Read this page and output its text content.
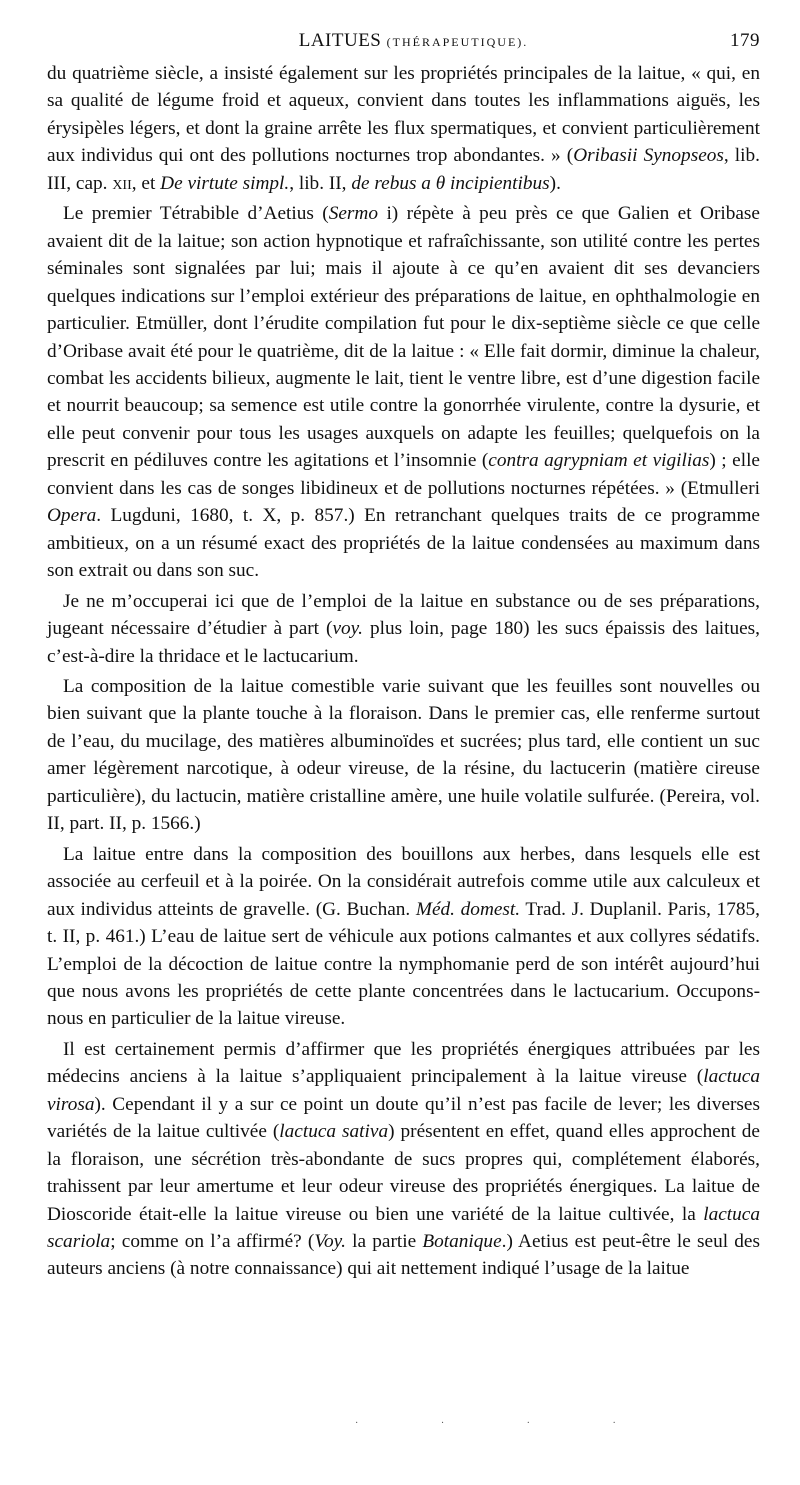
LAITUES (THÉRAPEUTIQUE).	179

du quatrième siècle, a insisté également sur les propriétés principales de la laitue, « qui, en sa qualité de légume froid et aqueux, convient dans toutes les inflammations aiguës, les érysipèles légers, et dont la graine arrête les flux spermatiques, et convient particulièrement aux individus qui ont des pollutions nocturnes trop abondantes. » (Oribasii Synopseos, lib. III, cap. xii, et De virtute simpl., lib. II, de rebus a θ incipientibus).

Le premier Tétrabible d’Aetius (Sermo i) répète à peu près ce que Galien et Oribase avaient dit de la laitue; son action hypnotique et rafraîchissante, son utilité contre les pertes séminales sont signalées par lui; mais il ajoute à ce qu’en avaient dit ses devanciers quelques indications sur l’emploi extérieur des préparations de laitue, en ophthalmologie en particulier. Etmüller, dont l’érudite compilation fut pour le dix-septième siècle ce que celle d’Oribase avait été pour le quatrième, dit de la laitue : « Elle fait dormir, diminue la chaleur, combat les accidents bilieux, augmente le lait, tient le ventre libre, est d’une digestion facile et nourrit beaucoup; sa semence est utile contre la gonorrhée virulente, contre la dysurie, et elle peut convenir pour tous les usages auxquels on adapte les feuilles; quelquefois on la prescrit en pédiluves contre les agitations et l’insomnie (contra agrypniam et vigilias) ; elle convient dans les cas de songes libidineux et de pollutions nocturnes répétées. » (Etmulleri Opera. Lugduni, 1680, t. X, p. 857.) En retranchant quelques traits de ce programme ambitieux, on a un résumé exact des propriétés de la laitue condensées au maximum dans son extrait ou dans son suc.

Je ne m’occuperai ici que de l’emploi de la laitue en substance ou de ses préparations, jugeant nécessaire d’étudier à part (voy. plus loin, page 180) les sucs épaissis des laitues, c’est-à-dire la thridace et le lactucarium.

La composition de la laitue comestible varie suivant que les feuilles sont nouvelles ou bien suivant que la plante touche à la floraison. Dans le premier cas, elle renferme surtout de l’eau, du mucilage, des matières albuminoïdes et sucrées; plus tard, elle contient un suc amer légèrement narcotique, à odeur vireuse, de la résine, du lactucerin (matière cireuse particulière), du lactucin, matière cristalline amère, une huile volatile sulfurée. (Pereira, vol. II, part. II, p. 1566.)

La laitue entre dans la composition des bouillons aux herbes, dans lesquels elle est associée au cerfeuil et à la poirée. On la considérait autrefois comme utile aux calculeux et aux individus atteints de gravelle. (G. Buchan. Méd. domest. Trad. J. Duplanil. Paris, 1785, t. II, p. 461.) L’eau de laitue sert de véhicule aux potions calmantes et aux collyres sédatifs. L’emploi de la décoction de laitue contre la nymphomanie perd de son intérêt aujourd’hui que nous avons les propriétés de cette plante concentrées dans le lactucarium. Occupons-nous en particulier de la laitue vireuse.

Il est certainement permis d’affirmer que les propriétés énergiques attribuées par les médecins anciens à la laitue s’appliquaient principalement à la laitue vireuse (lactuca virosa). Cependant il y a sur ce point un doute qu’il n’est pas facile de lever; les diverses variétés de la laitue cultivée (lactuca sativa) présentent en effet, quand elles approchent de la floraison, une sécrétion très-abondante de sucs propres qui, complétement élaborés, trahissent par leur amertume et leur odeur vireuse des propriétés énergiques. La laitue de Dioscoride était-elle la laitue vireuse ou bien une variété de la laitue cultivée, la lactuca scariola; comme on l’a affirmé? (Voy. la partie Botanique.) Aetius est peut-être le seul des auteurs anciens (à notre connaissance) qui ait nettement indiqué l’usage de la laitue

· · · ·
